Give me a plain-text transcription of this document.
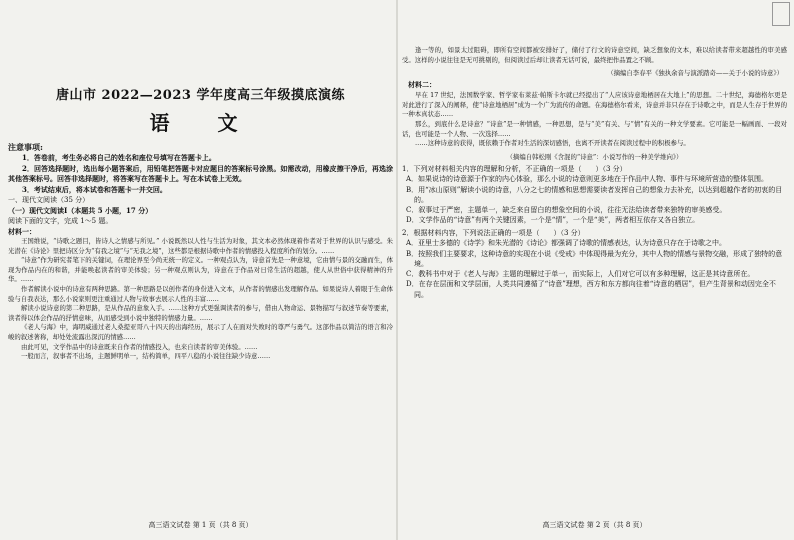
唐山市 2022—2023 学年度高三年级摸底演练
语　文
注意事项:

1．答卷前，考生务必将自己的姓名和座位号填写在答题卡上。

2．回答选择题时，选出每小题答案后，用铅笔把答题卡对应题目的答案标号涂黑。如需改动，用橡皮擦干净后，再选涂其他答案标号。回答非选择题时，将答案写在答题卡上。写在本试卷上无效。

3．考试结束后，将本试卷和答题卡一并交回。

一、现代文阅读（35 分）

（一）现代文阅读Ⅰ（本题共 5 小题，17 分）

阅读下面的文字，完成 1～5 题。

材料一：

王国维说，“诗歌之题目，皆诗人之情感与所见。” 小说既然以人性与生活为对象，其文本必然体现着作者对于世界的认识与感受。朱光潜在《诗论》里把诗区分为“有我之境”与“无我之境”，这些都是根据诗歌中作者的情感投入程度所作的划分。……

“诗意”作为研究者笔下的关键词，在理论界至今尚无统一的定义。一种观点认为，诗意首先是一种意境，它由情与景的交融而生，体现为作品内在的和谐，并能唤起读者的审美体验；另一种观点则认为，诗意在于作品对日常生活的超越，使人从世俗中获得精神的升华。……

作者解读小说中的诗意有两种思路。第一种思路是以创作者的身份进入文本，从作者的情感出发理解作品。如果说诗人着眼于生命体验与自我表达，那么小说家则更注重通过人物与故事去展示人性的丰富……

解读小说诗意的第二种思路，是从作品的意象入手。……这种方式更强调读者的参与，借由人物命运、景物描写与叙述节奏等要素，读者得以体会作品的抒情意味，从而感受到小说中独特的情感力量。……

《老人与海》中，海明威通过老人桑提亚哥八十四天的出海经历，展示了人在面对失败时的尊严与勇气。这部作品以简洁的语言和冷峻的叙述著称，却处处流露出深沉的情感……

由此可见，文学作品中的诗意既来自作者的情感投入，也来自读者的审美体验。……

一般而言，叙事者不出场，主题鲜明单一，结构简单，四平八稳的小说往往缺少诗意……

高三语文试卷 第 1 页（共 8 页）

逢一等的，如景太过阻碍，即所有空间都被安排好了，储付了行文的诗意空间，缺乏想象的文本，难以给读者带来超越性的审美感受。这样的小说往往是无可挑剔的，但阅读过后却让读者无话可说，最终把作品置之不顾。

（摘编自李春平《独执余音与演派踏奇——关于小说的诗意》）

材料二：

早在 17 世纪，法国数学家、哲学家布莱兹·帕斯卡尔就已经提出了“人应该诗意地栖居在大地上”的思想。二十世纪，海德格尔更是对此进行了深入的阐释，使“诗意地栖居”成为一个广为流传的命题。在海德格尔看来，诗意并非只存在于诗歌之中，而是人生存于世界的一种本真状态……

那么，到底什么是诗意？“诗意”是一种情感，一种思想，是与“美”有关、与“情”有关的一种文学要素。它可能是一幅画面、一段对话，也可能是一个人物、一次选择……

……这种诗意的获得，既依赖于作者对生活的深切感悟，也离不开读者在阅读过程中的积极参与。

（摘编自韩松刚《含混的“诗意”：小说写作的一种美学维向》）

1．下列对材料相关内容的理解和分析，不正确的一项是（　　）（3 分）

A．如果说诗的诗意源于作家的内心体验，那么小说的诗意则更多地在于作品中人物、事件与环境所营造的整体氛围。

B．用“冰山原则”解读小说的诗意，八分之七的情感和思想需要读者发挥自己的想象力去补充，以达到超越作者的初衷的目的。

C．叙事过于严密，主题单一，缺乏来自留白的想象空间的小说，往往无法给读者带来独特的审美感受。

D．文学作品的“诗意”有两个关键因素，一个是“情”，一个是“美”，两者相互依存又各自独立。

2．根据材料内容，下列说法正确的一项是（　　）（3 分）

A．亚里士多德的《诗学》和朱光潜的《诗论》都强调了诗歌的情感表达，认为诗意只存在于诗歌之中。

B．按照我们主要要求，这种诗意的实现在小说《受戒》中体现得最为充分，其中人物的情感与景物交融，形成了独特的意境。

C．教科书中对于《老人与海》主题的理解过于单一，而实际上，人们对它可以有多种理解，这正是其诗意所在。

D．在存在层面和文学层面，人类共同遵循了“诗意”理想，西方和东方都向往着“诗意的栖居”，但产生背景和动因完全不同。

高三语文试卷 第 2 页（共 8 页）
